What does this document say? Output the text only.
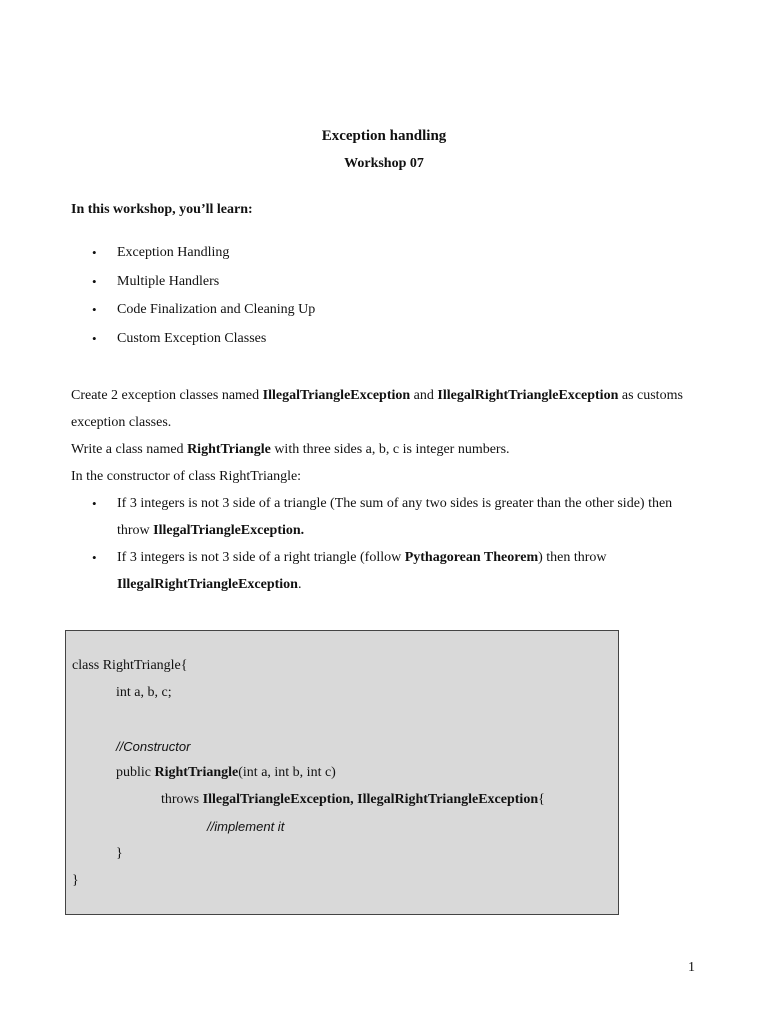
Exception handling
Workshop 07
In this workshop, you’ll learn:
• Exception Handling
• Multiple Handlers
• Code Finalization and Cleaning Up
• Custom Exception Classes
Create 2 exception classes named IllegalTriangleException and IllegalRightTriangleException as customs exception classes.
Write a class named RightTriangle with three sides a, b, c is integer numbers.
In the constructor of class RightTriangle:
• If 3 integers is not 3 side of a triangle (The sum of any two sides is greater than the other side) then throw IllegalTriangleException.
• If 3 integers is not 3 side of a right triangle (follow Pythagorean Theorem) then throw IllegalRightTriangleException.
class RightTriangle{
int a, b, c;
//Constructor
public RightTriangle(int a, int b, int c)
throws IllegalTriangleException, IllegalRightTriangleException{
//implement it
}
}
1
